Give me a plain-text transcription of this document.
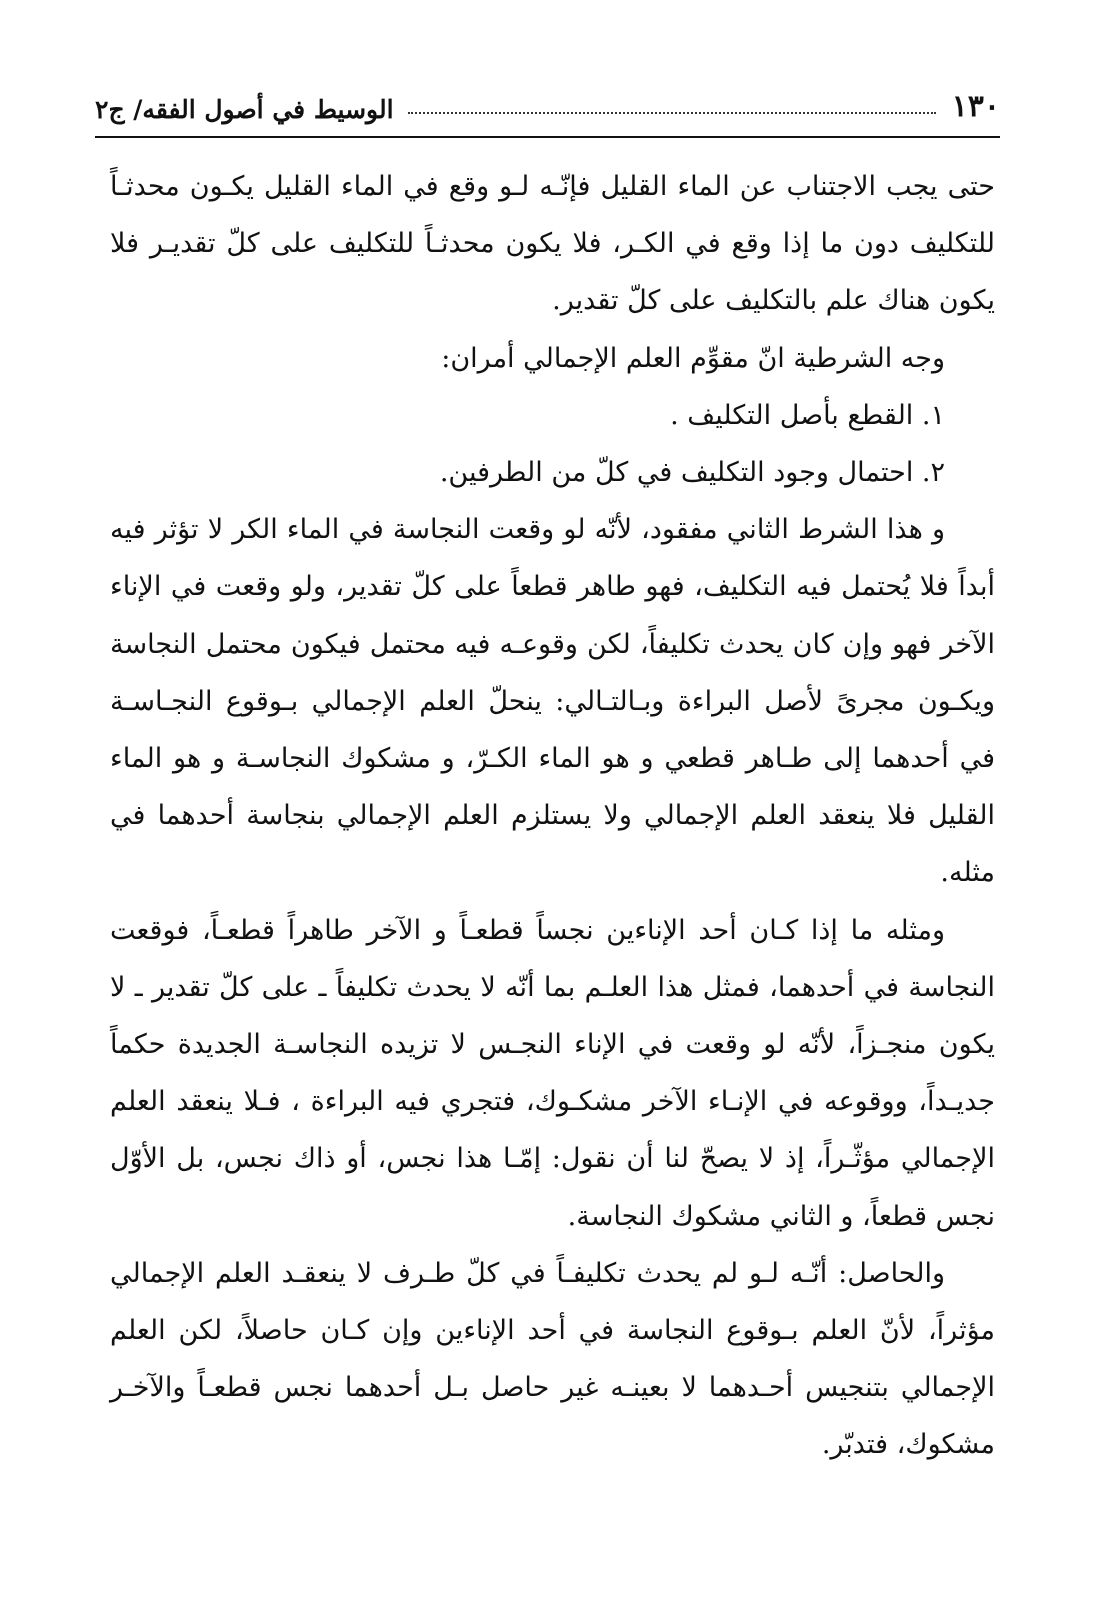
١٣٠
الوسيط في أصول الفقه/ ج٢

حتى يجب الاجتناب عن الماء القليل فإنّـه لـو وقع في الماء القليل يكـون محدثـاً للتكليف دون ما إذا وقع في الكـر، فلا يكون محدثـاً للتكليف على كلّ تقديـر فلا يكون هناك علم بالتكليف على كلّ تقدير.

وجه الشرطية انّ مقوِّم العلم الإجمالي أمران:

١. القطع بأصل التكليف .

٢. احتمال وجود التكليف في كلّ من الطرفين.

و هذا الشرط الثاني مفقود، لأنّه لو وقعت النجاسة في الماء الكر لا تؤثر فيه أبداً فلا يُحتمل فيه التكليف، فهو طاهر قطعاً على كلّ تقدير، ولو وقعت في الإناء الآخر فهو وإن كان يحدث تكليفاً، لكن وقوعـه فيه محتمل فيكون محتمل النجاسة ويكـون مجرىً لأصل البراءة وبـالتـالي: ينحلّ العلم الإجمالي بـوقوع النجـاسـة في أحدهما إلى طـاهر قطعي و هو الماء الكـرّ، و مشكوك النجاسـة و هو الماء القليل فلا ينعقد العلم الإجمالي ولا يستلزم العلم الإجمالي بنجاسة أحدهما في مثله.

ومثله ما إذا كـان أحد الإناءين نجساً قطعـاً و الآخر طاهراً قطعـاً، فوقعت النجاسة في أحدهما، فمثل هذا العلـم بما أنّه لا يحدث تكليفاً ـ على كلّ تقدير ـ لا يكون منجـزاً، لأنّه لو وقعت في الإناء النجـس لا تزيده النجاسـة الجديدة حكماً جديـداً، ووقوعه في الإنـاء الآخر مشكـوك، فتجري فيه البراءة ، فـلا ينعقد العلم الإجمالي مؤثّـراً، إذ لا يصحّ لنا أن نقول: إمّـا هذا نجس، أو ذاك نجس، بل الأوّل نجس قطعاً، و الثاني مشكوك النجاسة.

والحاصل: أنّـه لـو لم يحدث تكليفـاً في كلّ طـرف لا ينعقـد العلم الإجمالي مؤثراً، لأنّ العلم بـوقوع النجاسة في أحد الإناءين وإن كـان حاصلاً، لكن العلم الإجمالي بتنجيس أحـدهما لا بعينـه غير حاصل بـل أحدهما نجس قطعـاً والآخـر مشكوك، فتدبّر.
